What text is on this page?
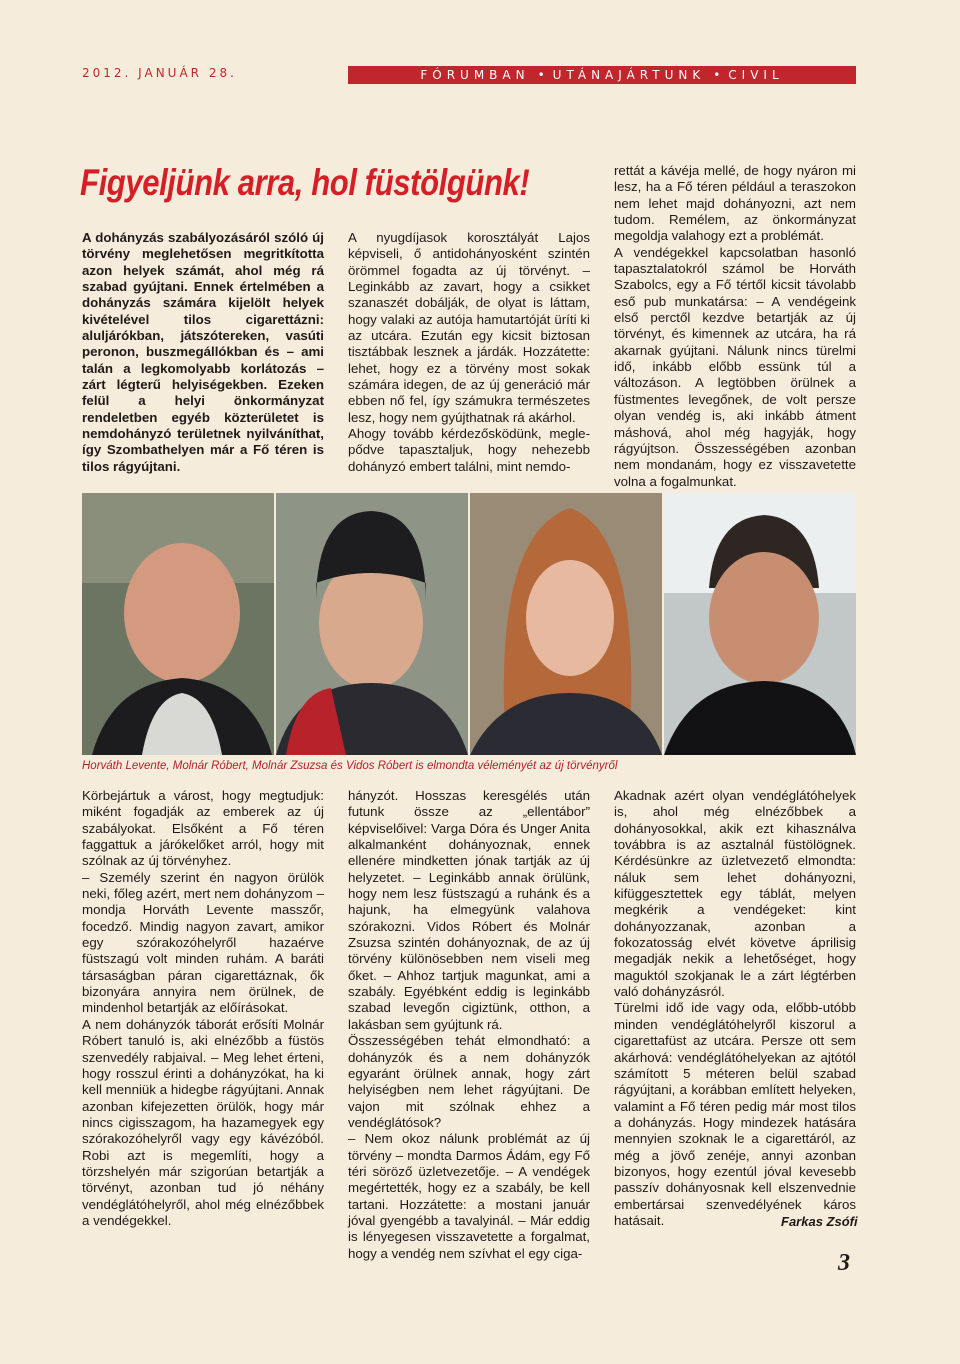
2012. JANUÁR 28.	FÓRUMBAN • UTÁNAJÁRTUNK • CIVIL
Figyeljünk arra, hol füstölgünk!

A dohányzás szabályozásáról szóló új törvény meglehetősen megritkította azon helyek számát, ahol még rá szabad gyújtani. Ennek értelmében a dohányzás számára kijelölt helyek kivételével tilos cigarettázni: aluljárókban, játszótereken, vasúti peronon, buszmegállókban és – ami talán a legkomolyabb korlátozás – zárt légterű helyiségekben. Ezeken felül a helyi önkormányzat rendeletben egyéb közterületet is nemdohányzó területnek nyilváníthat, így Szombathelyen már a Fő téren is tilos rágyújtani.

A nyugdíjasok korosztályát Lajos képviseli, ő antidohányosként szintén örömmel fogadta az új törvényt. – Leginkább az zavart, hogy a csikket szanaszét dobálják, de olyat is láttam, hogy valaki az autója hamutartóját üríti ki az utcára. Ezután egy kicsit biztosan tisztábbak lesznek a járdák. Hozzátette: lehet, hogy ez a törvény most sokak számára idegen, de az új generáció már ebben nő fel, így számukra természetes lesz, hogy nem gyújthatnak rá akárhol.
Ahogy tovább kérdezősködünk, meglepődve tapasztaljuk, hogy nehezebb dohányzó embert találni, mint nemdo-

rettát a kávéja mellé, de hogy nyáron mi lesz, ha a Fő téren például a teraszokon nem lehet majd dohányozni, azt nem tudom. Remélem, az önkormányzat megoldja valahogy ezt a problémát.
A vendégekkel kapcsolatban hasonló tapasztalatokról számol be Horváth Szabolcs, egy a Fő tértől kicsit távolabb eső pub munkatársa: – A vendégeink első perctől kezdve betartják az új törvényt, és kimennek az utcára, ha rá akarnak gyújtani. Nálunk nincs türelmi idő, inkább előbb essünk túl a változáson. A legtöbben örülnek a füstmentes levegőnek, de volt persze olyan vendég is, aki inkább átment máshová, ahol még hagyják, hogy rágyújtson. Összességében azonban nem mondanám, hogy ez visszavetette volna a fogalmunkat.

Horváth Levente, Molnár Róbert, Molnár Zsuzsa és Vidos Róbert is elmondta véleményét az új törvényről

Körbejártuk a várost, hogy megtudjuk: miként fogadják az emberek az új szabályokat. Elsőként a Fő téren faggattuk a járókelőket arról, hogy mit szólnak az új törvényhez.
– Személy szerint én nagyon örülök neki, főleg azért, mert nem dohányzom – mondja Horváth Levente masszőr, focedző. Mindig nagyon zavart, amikor egy szórakozóhelyről hazaérve füstszagú volt minden ruhám. A baráti társaságban páran cigarettáznak, ők bizonyára annyira nem örülnek, de mindenhol betartják az előírásokat.
A nem dohányzók táborát erősíti Molnár Róbert tanuló is, aki elnézőbb a füstös szenvedély rabjaival. – Meg lehet érteni, hogy rosszul érinti a dohányzókat, ha ki kell menniük a hidegbe rágyújtani. Annak azonban kifejezetten örülök, hogy már nincs cigisszagom, ha hazamegyek egy szórakozóhelyről vagy egy kávézóból. Robi azt is megemlíti, hogy a törzshelyén már szigorúan betartják a törvényt, azonban tud jó néhány vendéglátóhelyről, ahol még elnézőbbek a vendégekkel.

hányzót. Hosszas keresgélés után futunk össze az „ellentábor” képviselőivel: Varga Dóra és Unger Anita alkalmanként dohányoznak, ennek ellenére mindketten jónak tartják az új helyzetet. – Leginkább annak örülünk, hogy nem lesz füstszagú a ruhánk és a hajunk, ha elmegyünk valahova szórakozni. Vidos Róbert és Molnár Zsuzsa szintén dohányoznak, de az új törvény különösebben nem viseli meg őket. – Ahhoz tartjuk magunkat, ami a szabály. Egyébként eddig is leginkább szabad levegőn cigiztünk, otthon, a lakásban sem gyújtunk rá.
Összességében tehát elmondható: a dohányzók és a nem dohányzók egyaránt örülnek annak, hogy zárt helyiségben nem lehet rágyújtani. De vajon mit szólnak ehhez a vendéglátósok?
– Nem okoz nálunk problémát az új törvény – mondta Darmos Ádám, egy Fő téri söröző üzletvezetője. – A vendégek megértették, hogy ez a szabály, be kell tartani. Hozzátette: a mostani január jóval gyengébb a tavalyinál. – Már eddig is lényegesen visszavetette a forgalmat, hogy a vendég nem szívhat el egy ciga-

Akadnak azért olyan vendéglátóhelyek is, ahol még elnézőbbek a dohányosokkal, akik ezt kihasználva továbbra is az asztalnál füstölögnek. Kérdésünkre az üzletvezető elmondta: náluk sem lehet dohányozni, kifüggesztettek egy táblát, melyen megkérik a vendégeket: kint dohányozzanak, azonban a fokozatosság elvét követve áprilisig megadják nekik a lehetőséget, hogy maguktól szokjanak le a zárt légtérben való dohányzásról.
Türelmi idő ide vagy oda, előbb-utóbb minden vendéglátóhelyről kiszorul a cigarettafüst az utcára. Persze ott sem akárhová: vendéglátóhelyekan az ajtótól számított 5 méteren belül szabad rágyújtani, a korábban említett helyeken, valamint a Fő téren pedig már most tilos a dohányzás. Hogy mindezek hatására mennyien szoknak le a cigarettáról, az még a jövő zenéje, annyi azonban bizonyos, hogy ezentúl jóval kevesebb passzív dohányosnak kell elszenvednie embertársai szenvedélyének káros hatásait.	Farkas Zsófi
3
